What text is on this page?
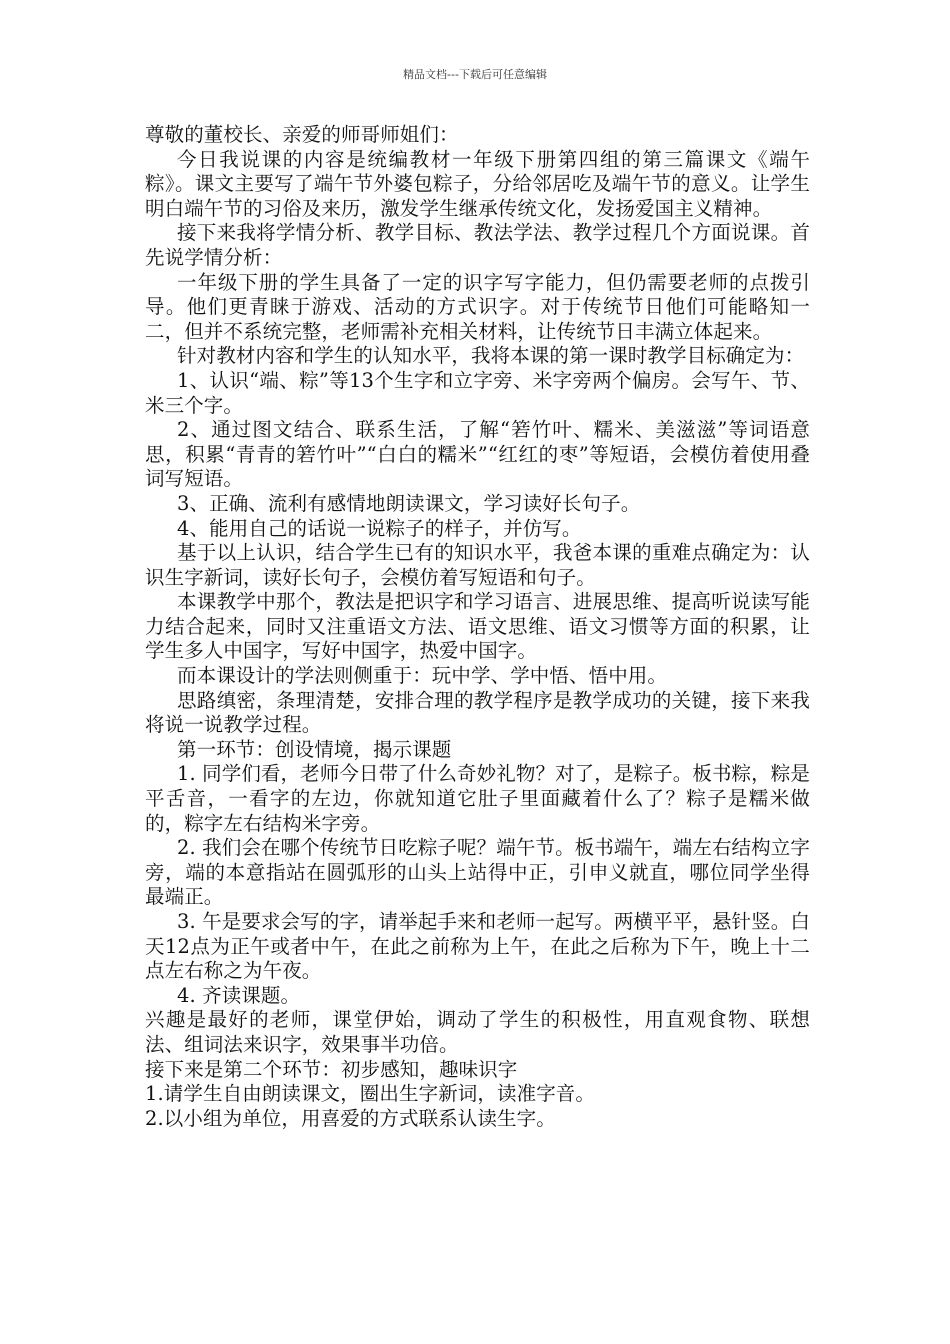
精品文档---下载后可任意编辑

尊敬的董校长、亲爱的师哥师姐们：

今日我说课的内容是统编教材一年级下册第四组的第三篇课文《端午粽》。课文主要写了端午节外婆包粽子，分给邻居吃及端午节的意义。让学生明白端午节的习俗及来历，激发学生继承传统文化，发扬爱国主义精神。

接下来我将学情分析、教学目标、教法学法、教学过程几个方面说课。首先说学情分析：

一年级下册的学生具备了一定的识字写字能力，但仍需要老师的点拨引导。他们更青睐于游戏、活动的方式识字。对于传统节日他们可能略知一二，但并不系统完整，老师需补充相关材料，让传统节日丰满立体起来。

针对教材内容和学生的认知水平，我将本课的第一课时教学目标确定为：

1、认识“端、粽”等13个生字和立字旁、米字旁两个偏房。会写午、节、米三个字。

2、通过图文结合、联系生活，了解“箬竹叶、糯米、美滋滋”等词语意思，积累“青青的箬竹叶”“白白的糯米”“红红的枣”等短语，会模仿着使用叠词写短语。

3、正确、流利有感情地朗读课文，学习读好长句子。

4、能用自己的话说一说粽子的样子，并仿写。

基于以上认识，结合学生已有的知识水平，我爸本课的重难点确定为：认识生字新词，读好长句子，会模仿着写短语和句子。

本课教学中那个，教法是把识字和学习语言、进展思维、提高听说读写能力结合起来，同时又注重语文方法、语文思维、语文习惯等方面的积累，让学生多人中国字，写好中国字，热爱中国字。

而本课设计的学法则侧重于：玩中学、学中悟、悟中用。

思路缜密，条理清楚，安排合理的教学程序是教学成功的关键，接下来我将说一说教学过程。

第一环节：创设情境，揭示课题

1. 同学们看，老师今日带了什么奇妙礼物？对了，是粽子。板书粽，粽是平舌音，一看字的左边，你就知道它肚子里面藏着什么了？粽子是糯米做的，粽字左右结构米字旁。

2. 我们会在哪个传统节日吃粽子呢？端午节。板书端午，端左右结构立字旁，端的本意指站在圆弧形的山头上站得中正，引申义就直，哪位同学坐得最端正。

3. 午是要求会写的字，请举起手来和老师一起写。两横平平，悬针竖。白天12点为正午或者中午，在此之前称为上午，在此之后称为下午，晚上十二点左右称之为午夜。

4. 齐读课题。

兴趣是最好的老师，课堂伊始，调动了学生的积极性，用直观食物、联想法、组词法来识字，效果事半功倍。

接下来是第二个环节：初步感知，趣味识字

1.请学生自由朗读课文，圈出生字新词，读准字音。

2.以小组为单位，用喜爱的方式联系认读生字。
